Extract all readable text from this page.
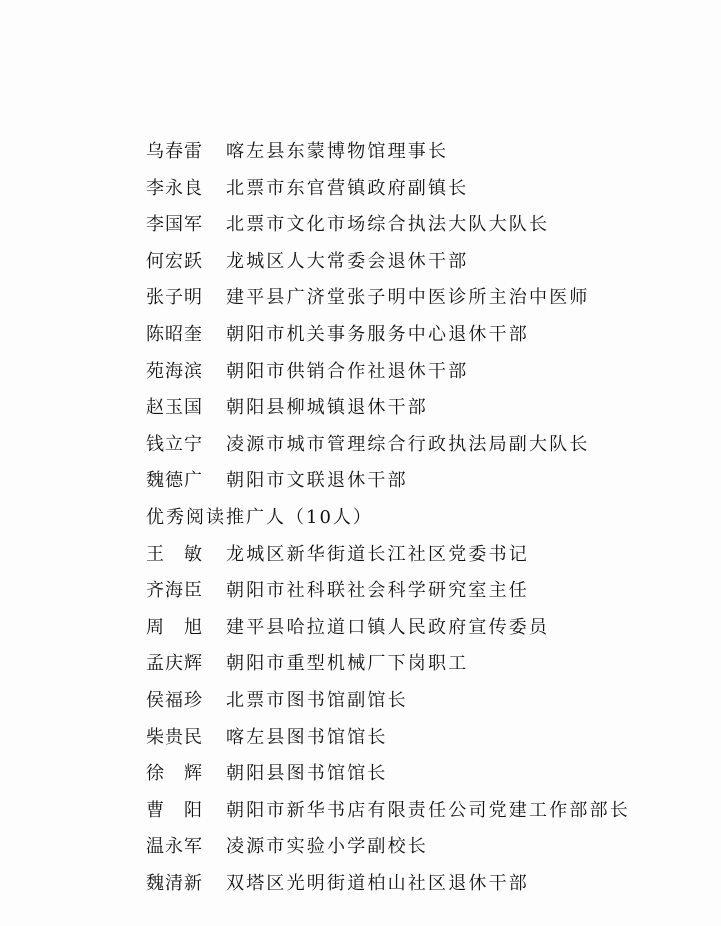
乌春雷	喀左县东蒙博物馆理事长
李永良	北票市东官营镇政府副镇长
李国军	北票市文化市场综合执法大队大队长
何宏跃	龙城区人大常委会退休干部
张子明	建平县广济堂张子明中医诊所主治中医师
陈昭奎	朝阳市机关事务服务中心退休干部
苑海滨	朝阳市供销合作社退休干部
赵玉国	朝阳县柳城镇退休干部
钱立宁	凌源市城市管理综合行政执法局副大队长
魏德广	朝阳市文联退休干部
优秀阅读推广人（10人）
王　敏	龙城区新华街道长江社区党委书记
齐海臣	朝阳市社科联社会科学研究室主任
周　旭	建平县哈拉道口镇人民政府宣传委员
孟庆辉	朝阳市重型机械厂下岗职工
侯福珍	北票市图书馆副馆长
柴贵民	喀左县图书馆馆长
徐　辉	朝阳县图书馆馆长
曹　阳	朝阳市新华书店有限责任公司党建工作部部长
温永军	凌源市实验小学副校长
魏清新	双塔区光明街道柏山社区退休干部
